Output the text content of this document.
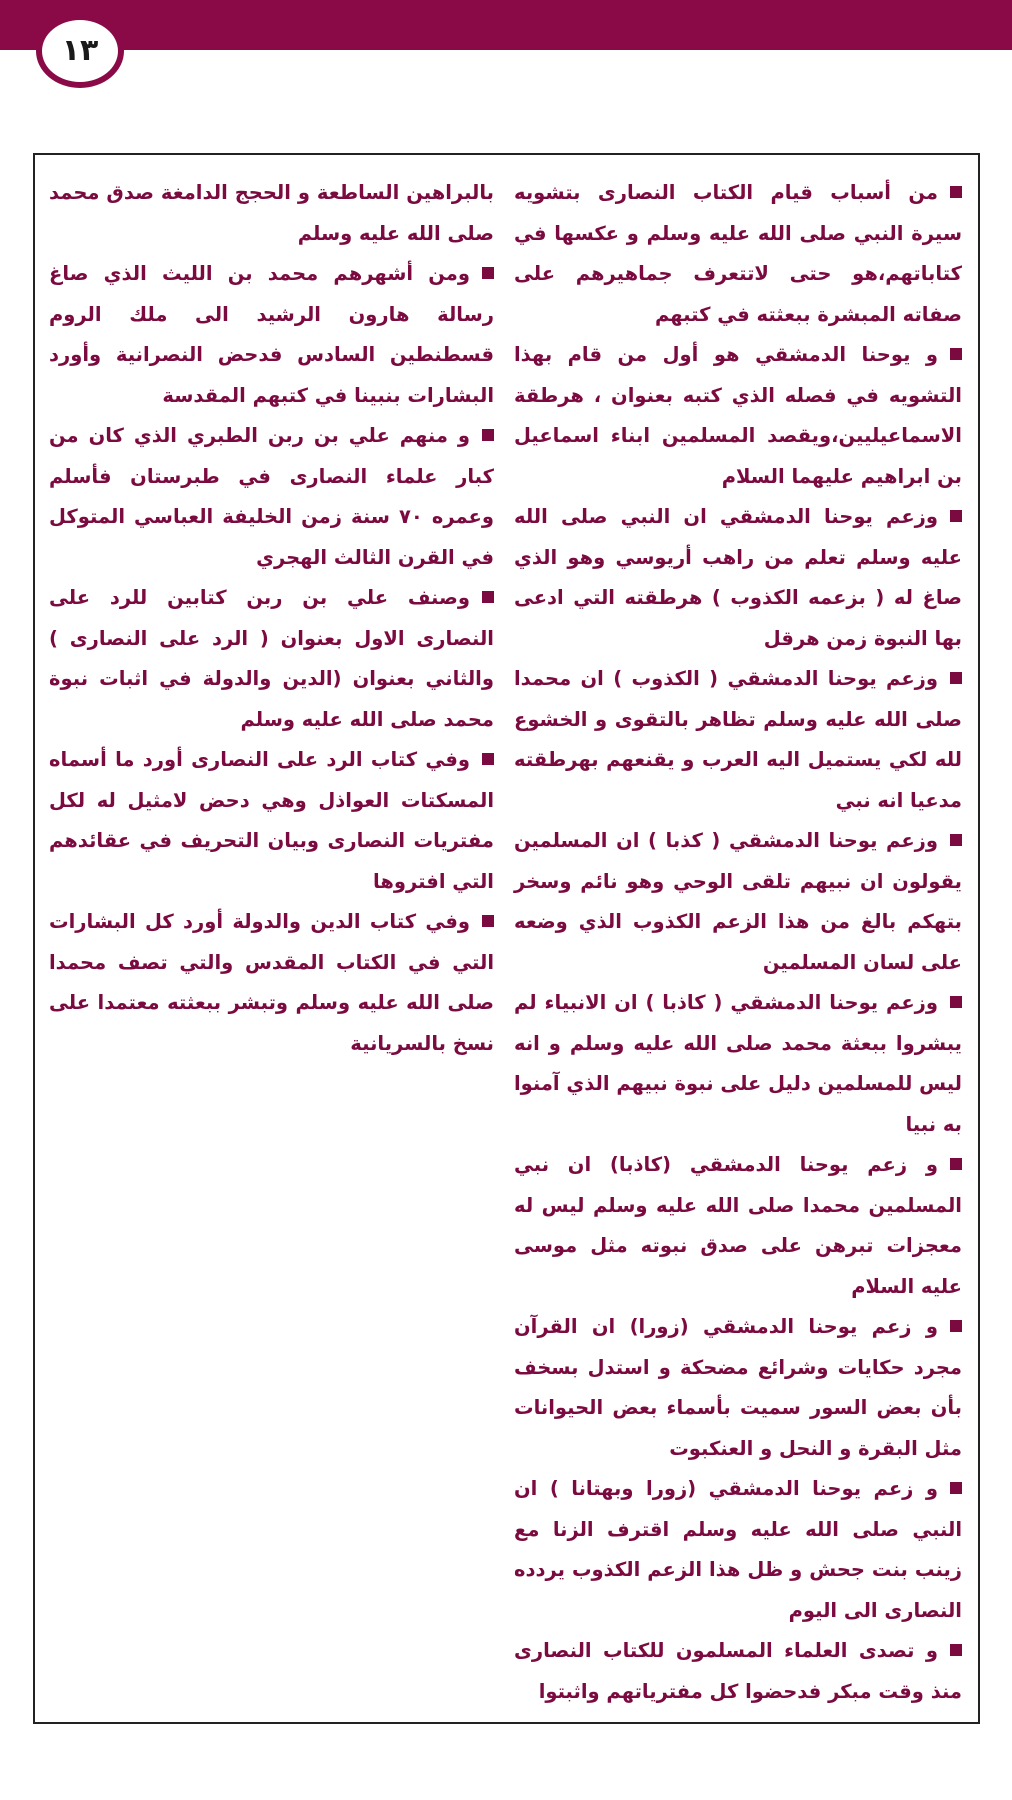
١٣

من أسباب قيام الكتاب النصارى بتشويه سيرة النبي صلى الله عليه وسلم و عكسها في كتاباتهم،هو حتى لاتتعرف جماهيرهم على صفاته المبشرة ببعثته في كتبهم

و يوحنا الدمشقي هو أول من قام بهذا التشويه في فصله الذي كتبه بعنوان ، هرطقة الاسماعيليين،ويقصد المسلمين ابناء اسماعيل بن ابراهيم عليهما السلام

وزعم يوحنا الدمشقي ان النبي صلى الله عليه وسلم تعلم من راهب أريوسي وهو الذي صاغ له ( بزعمه الكذوب ) هرطقته التي ادعى بها النبوة زمن هرقل

وزعم يوحنا الدمشقي ( الكذوب ) ان محمدا صلى الله عليه وسلم تظاهر بالتقوى و الخشوع لله لكي يستميل اليه العرب و يقنعهم بهرطقته مدعيا انه نبي

وزعم يوحنا الدمشقي ( كذبا ) ان المسلمين يقولون ان نبيهم تلقى الوحي وهو نائم وسخر بتهكم بالغ من هذا الزعم الكذوب الذي وضعه على لسان المسلمين

وزعم يوحنا الدمشقي ( كاذبا ) ان الانبياء لم يبشروا ببعثة محمد صلى الله عليه وسلم و انه ليس للمسلمين دليل على نبوة نبيهم الذي آمنوا به نبيا

و زعم يوحنا الدمشقي (كاذبا) ان نبي المسلمين محمدا صلى الله عليه وسلم ليس له معجزات تبرهن على صدق نبوته مثل موسى عليه السلام

و زعم يوحنا الدمشقي (زورا) ان القرآن مجرد حكايات وشرائع مضحكة و استدل بسخف بأن بعض السور سميت بأسماء بعض الحيوانات مثل البقرة و النحل و العنكبوت

و زعم يوحنا الدمشقي (زورا وبهتانا ) ان النبي صلى الله عليه وسلم اقترف الزنا مع زينب بنت جحش و ظل هذا الزعم الكذوب يردده النصارى الى اليوم

و تصدى العلماء المسلمون للكتاب النصارى منذ وقت مبكر فدحضوا كل مفترياتهم واثبتوا

بالبراهين الساطعة و الحجج الدامغة صدق محمد صلى الله عليه وسلم

ومن أشهرهم محمد بن الليث الذي صاغ رسالة هارون الرشيد الى ملك الروم قسطنطين السادس فدحض النصرانية وأورد البشارات بنبينا في كتبهم المقدسة

و منهم علي بن ربن الطبري الذي كان من كبار علماء النصارى في طبرستان فأسلم وعمره ٧٠ سنة زمن الخليفة العباسي المتوكل في القرن الثالث الهجري

وصنف علي بن ربن كتابين للرد على النصارى الاول بعنوان ( الرد على النصارى ) والثاني بعنوان (الدين والدولة في اثبات نبوة محمد صلى الله عليه وسلم

وفي كتاب الرد على النصارى أورد ما أسماه المسكتات العواذل وهي دحض لامثيل له لكل مفتريات النصارى وبيان التحريف في عقائدهم التي افتروها

وفي كتاب الدين والدولة أورد كل البشارات التي في الكتاب المقدس والتي تصف محمدا صلى الله عليه وسلم وتبشر ببعثته معتمدا على نسخ بالسريانية
